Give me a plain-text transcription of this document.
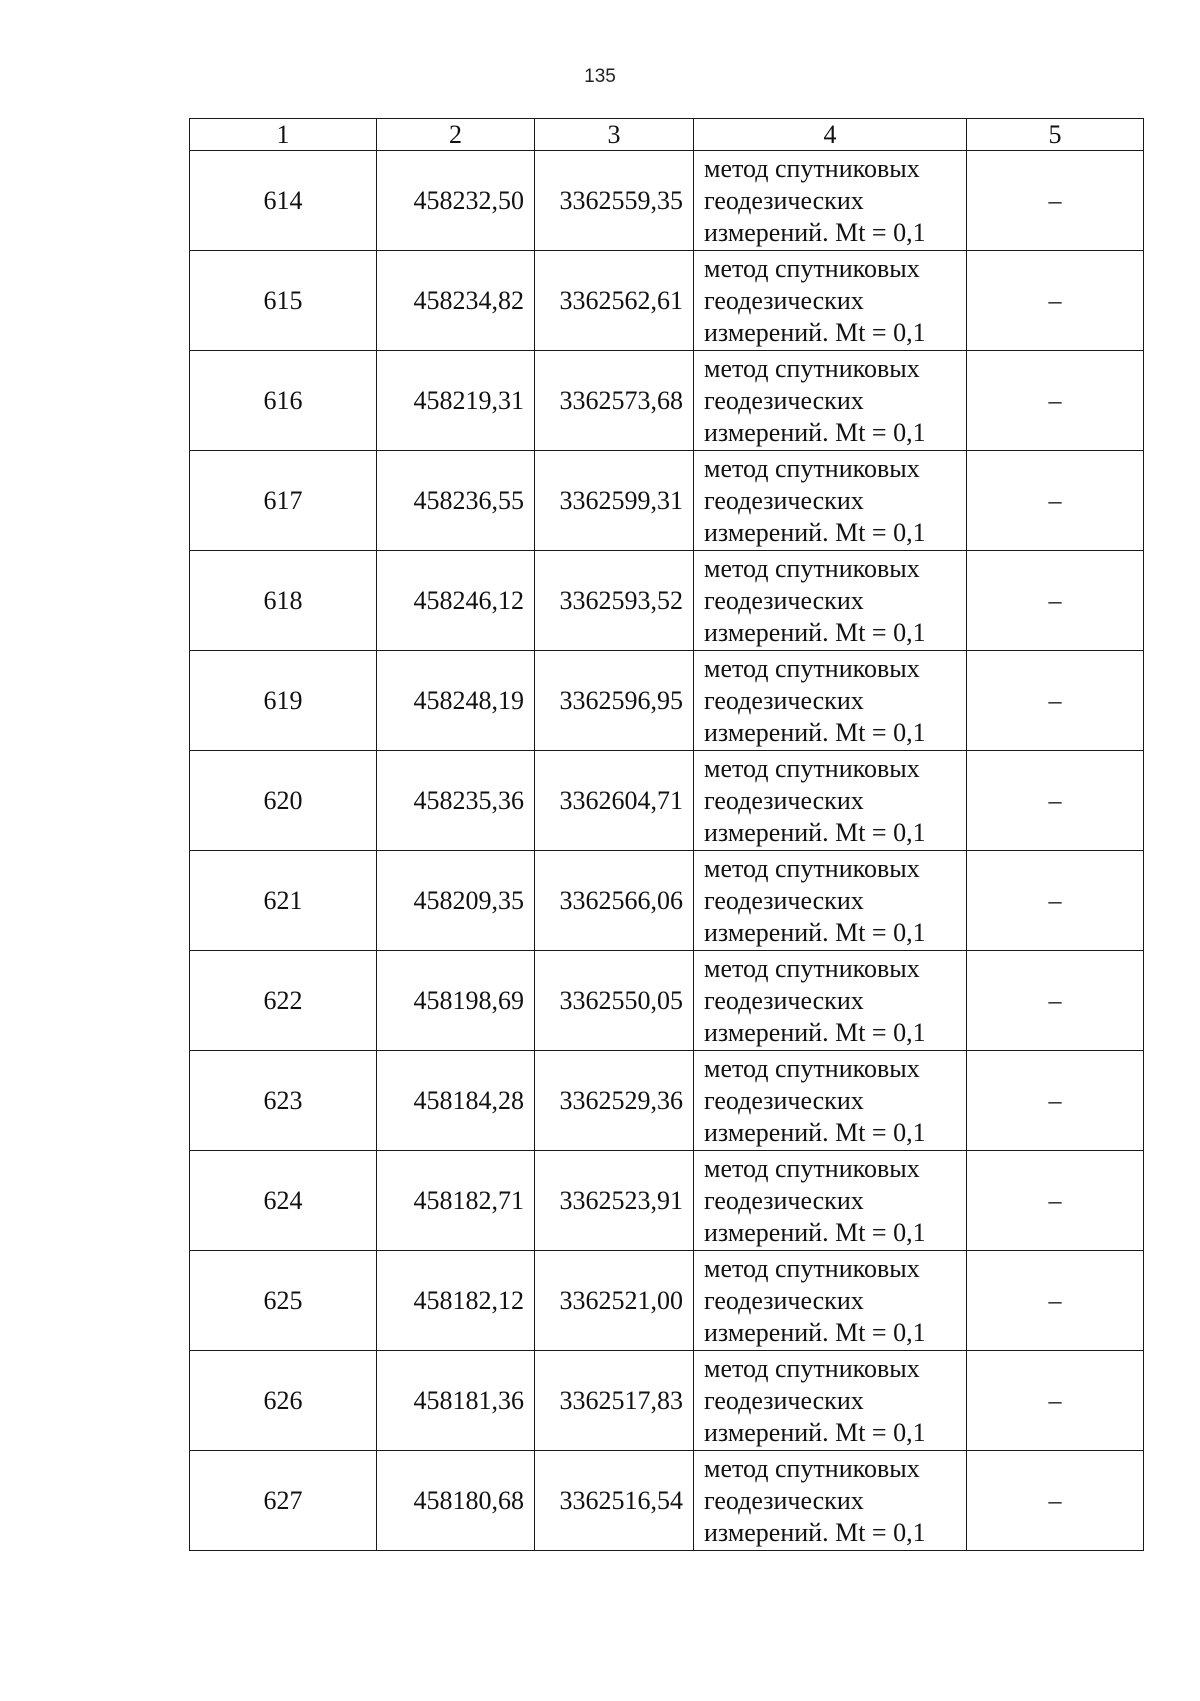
135
1	2	3	4	5
614	458232,50	3362559,35	метод спутниковых
геодезических
измерений. Mt = 0,1	–
615	458234,82	3362562,61	метод спутниковых
геодезических
измерений. Mt = 0,1	–
616	458219,31	3362573,68	метод спутниковых
геодезических
измерений. Mt = 0,1	–
617	458236,55	3362599,31	метод спутниковых
геодезических
измерений. Mt = 0,1	–
618	458246,12	3362593,52	метод спутниковых
геодезических
измерений. Mt = 0,1	–
619	458248,19	3362596,95	метод спутниковых
геодезических
измерений. Mt = 0,1	–
620	458235,36	3362604,71	метод спутниковых
геодезических
измерений. Mt = 0,1	–
621	458209,35	3362566,06	метод спутниковых
геодезических
измерений. Mt = 0,1	–
622	458198,69	3362550,05	метод спутниковых
геодезических
измерений. Mt = 0,1	–
623	458184,28	3362529,36	метод спутниковых
геодезических
измерений. Mt = 0,1	–
624	458182,71	3362523,91	метод спутниковых
геодезических
измерений. Mt = 0,1	–
625	458182,12	3362521,00	метод спутниковых
геодезических
измерений. Mt = 0,1	–
626	458181,36	3362517,83	метод спутниковых
геодезических
измерений. Mt = 0,1	–
627	458180,68	3362516,54	метод спутниковых
геодезических
измерений. Mt = 0,1	–
